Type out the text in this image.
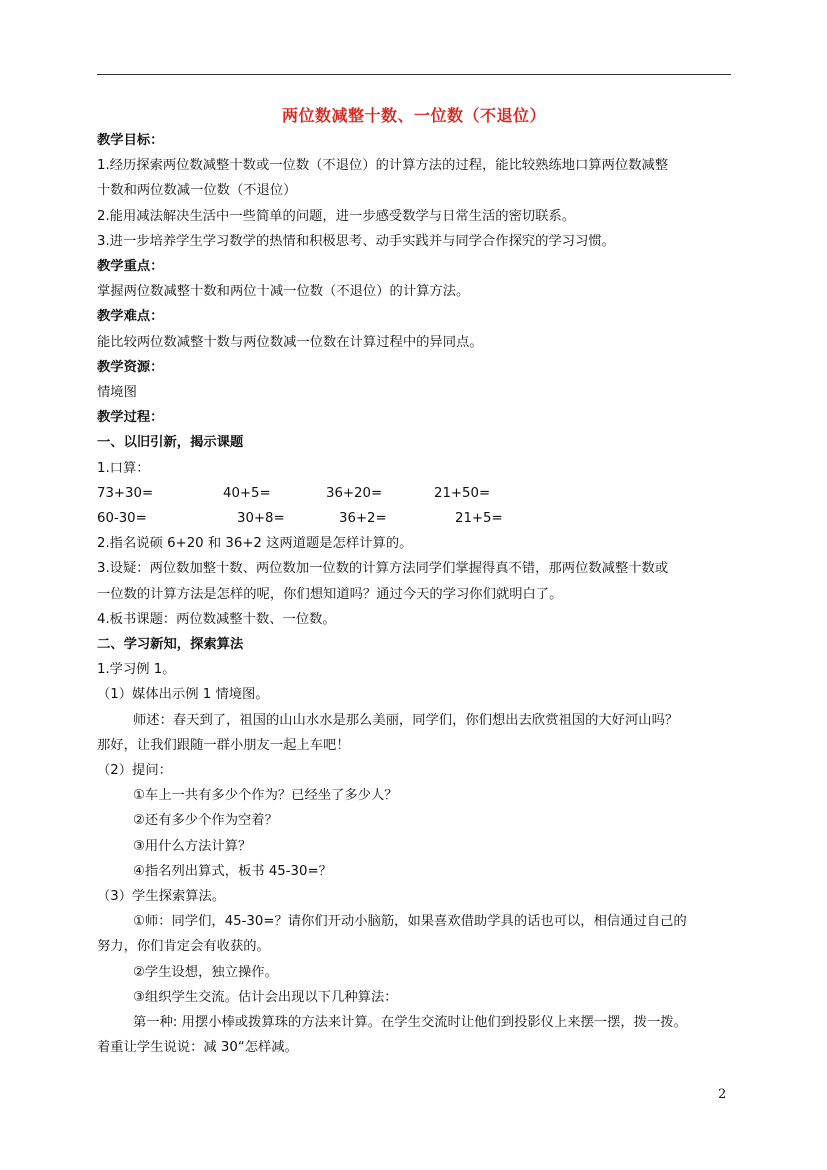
两位数减整十数、一位数（不退位）
教学目标：
1.经历探索两位数减整十数或一位数（不退位）的计算方法的过程，能比较熟练地口算两位数减整
十数和两位数减一位数（不退位）
2.能用减法解决生活中一些简单的问题，进一步感受数学与日常生活的密切联系。
3.进一步培养学生学习数学的热情和积极思考、动手实践并与同学合作探究的学习习惯。
教学重点：
掌握两位数减整十数和两位十减一位数（不退位）的计算方法。
教学难点：
能比较两位数减整十数与两位数减一位数在计算过程中的异同点。
教学资源：
情境图
教学过程：
一、以旧引新，揭示课题
1.口算：
73+30=	40+5=	36+20=	21+50=
60-30=	30+8=	36+2=	21+5=
2.指名说硕 6+20 和 36+2 这两道题是怎样计算的。
3.设疑：两位数加整十数、两位数加一位数的计算方法同学们掌握得真不错，那两位数减整十数或
一位数的计算方法是怎样的呢，你们想知道吗？通过今天的学习你们就明白了。
4.板书课题：两位数减整十数、一位数。
二、学习新知，探索算法
1.学习例 1。
（1）媒体出示例 1 情境图。
师述：春天到了，祖国的山山水水是那么美丽，同学们，你们想出去欣赏祖国的大好河山吗？
那好，让我们跟随一群小朋友一起上车吧！
（2）提问：
①车上一共有多少个作为？已经坐了多少人？
②还有多少个作为空着？
③用什么方法计算？
④指名列出算式，板书 45-30=？
（3）学生探索算法。
①师：同学们，45-30=？请你们开动小脑筋，如果喜欢借助学具的话也可以，相信通过自己的
努力，你们肯定会有收获的。
②学生设想，独立操作。
③组织学生交流。估计会出现以下几种算法：
第一种: 用摆小棒或拨算珠的方法来计算。在学生交流时让他们到投影仪上来摆一摆，拨一拨。
着重让学生说说：减 30“怎样减。
2
